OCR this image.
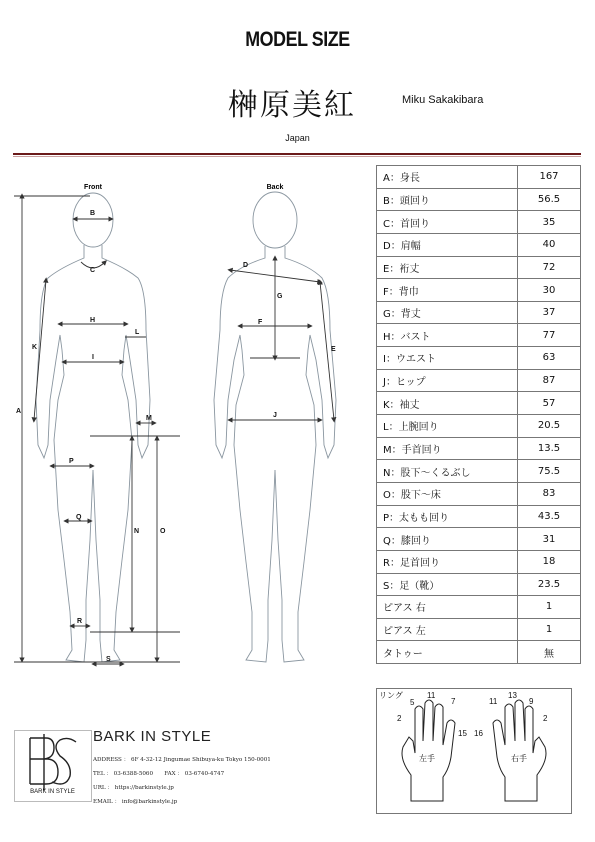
MODEL SIZE
榊原美紅	Miku Sakakibara
Japan
Front	Back
A
B
C
H
L
K
I
M
P
Q
N	O
R
S
D
G
F
E
J
A：身長	167
B：頭回り	56.5
C：首回り	35
D：肩幅	40
E：裄丈	72
F：背巾	30
G：背丈	37
H：バスト	77
I：ウエスト	63
J：ヒップ	87
K：袖丈	57
L：上腕回り	20.5
M：手首回り	13.5
N：股下〜くるぶし	75.5
O：股下〜床	83
P：太もも回り	43.5
Q：膝回り	31
R：足首回り	18
S：足（靴）	23.5
ピアス 右	1
ピアス 左	1
タトゥー	無
リング
2
5
11
7
15 16
11
13
9
2
左手	右手
BARK IN STYLE
BARK IN STYLE
ADDRESS ： 6F 4-32-12 Jingumae Shibuya-ku Tokyo 150-0001
TEL ： 03-6388-5060　　FAX ： 03-6740-4747
URL ： https://barkinstyle.jp
EMAIL ： info@barkinstyle.jp
